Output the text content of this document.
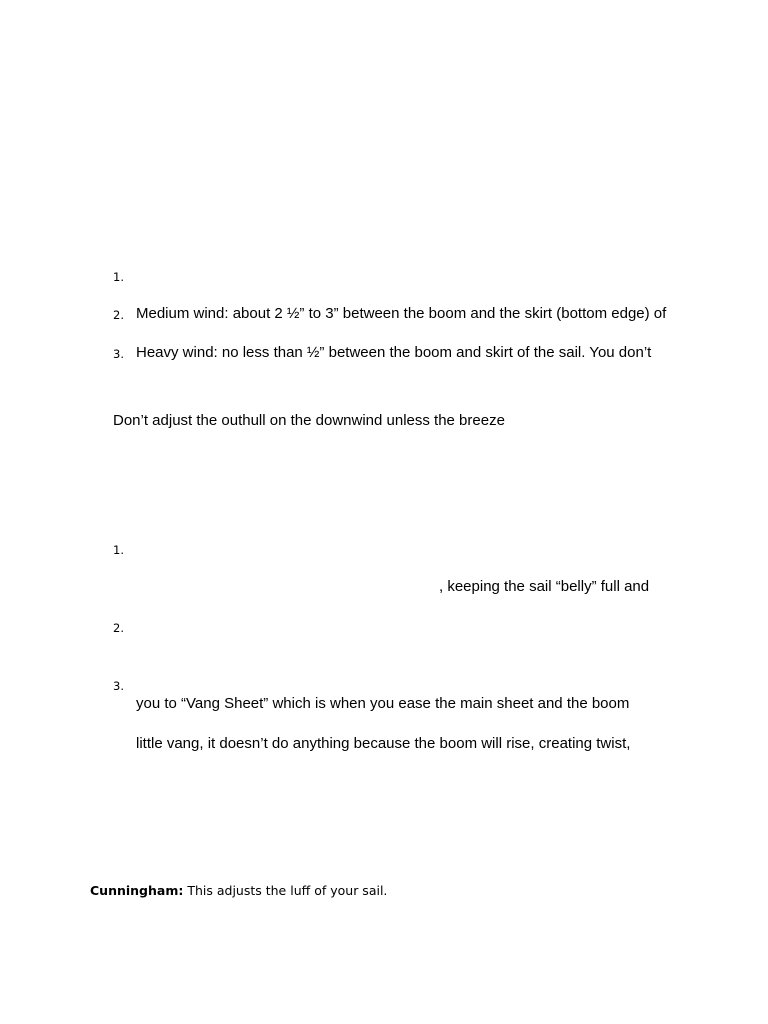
1.
2. Medium wind: about 2 ½” to 3” between the boom and the skirt (bottom edge) of
3. Heavy wind: no less than ½” between the boom and skirt of the sail. You don’t
Don’t adjust the outhull on the downwind unless the breeze
1.
, keeping the sail “belly” full and
2.
3.
you to “Vang Sheet” which is when you ease the main sheet and the boom
little vang, it doesn’t do anything because the boom will rise, creating twist,
Cunningham: This adjusts the luff of your sail.
